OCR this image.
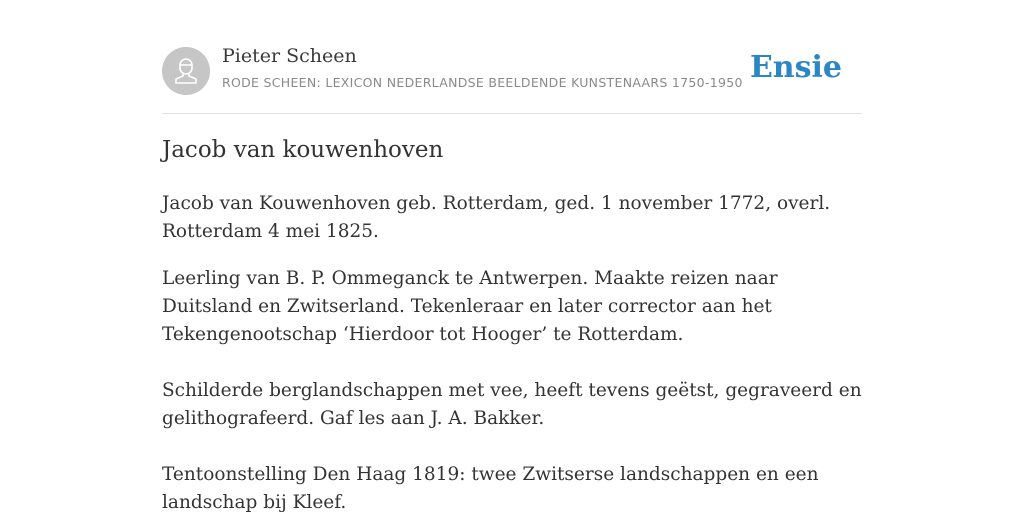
Pieter Scheen
RODE SCHEEN: LEXICON NEDERLANDSE BEELDENDE KUNSTENAARS 1750-1950 Ensie
Jacob van kouwenhoven

Jacob van Kouwenhoven geb. Rotterdam, ged. 1 november 1772, overl. Rotterdam 4 mei 1825.

Leerling van B. P. Ommeganck te Antwerpen. Maakte reizen naar Duitsland en Zwitserland. Tekenleraar en later corrector aan het Tekengenootschap ‘Hierdoor tot Hooger’ te Rotterdam.

Schilderde berglandschappen met vee, heeft tevens geëtst, gegraveerd en gelithografeerd. Gaf les aan J. A. Bakker.

Tentoonstelling Den Haag 1819: twee Zwitserse landschappen en een landschap bij Kleef.
